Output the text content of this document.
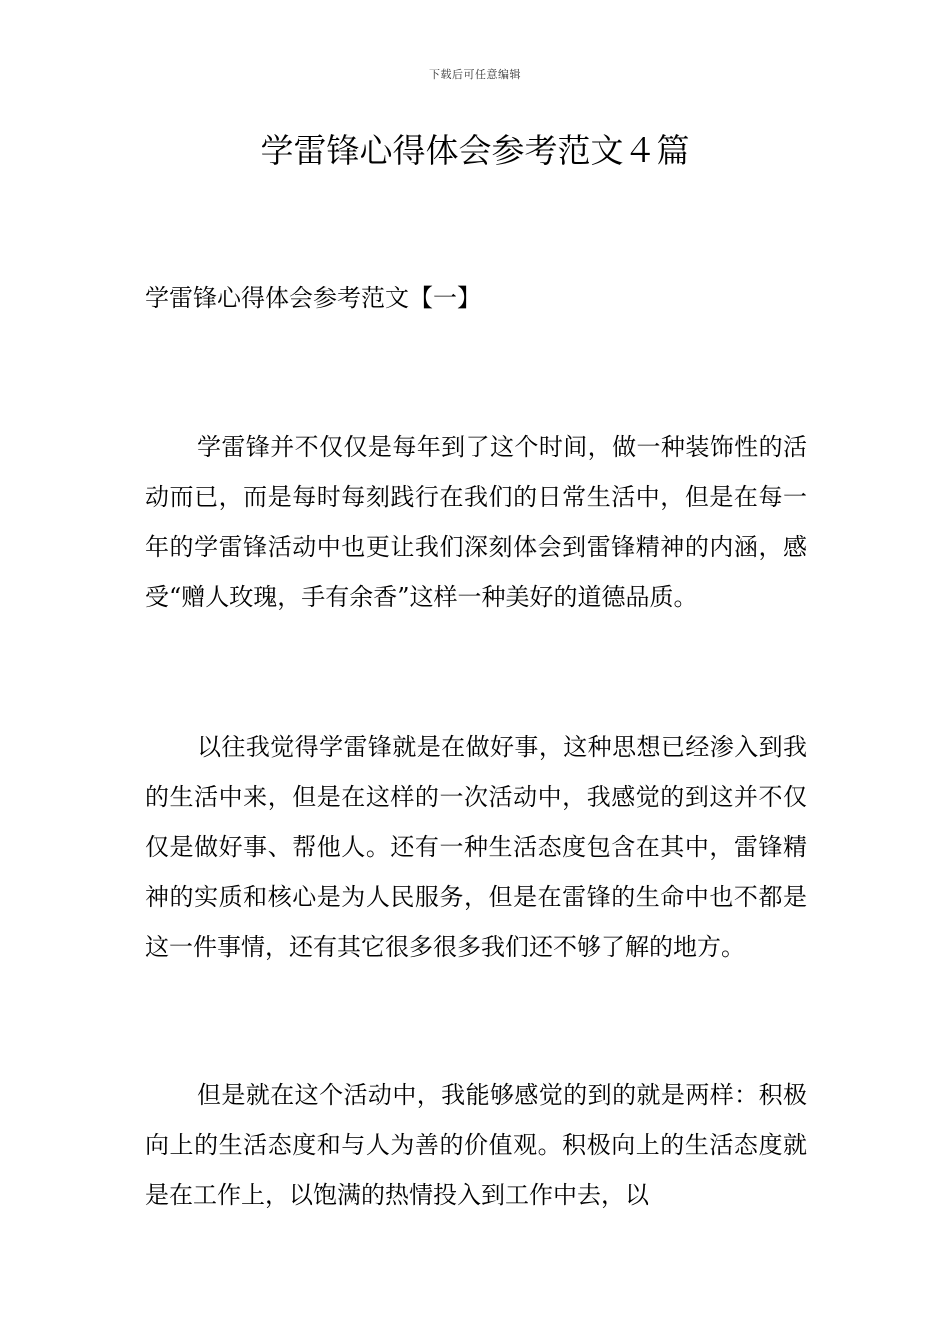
下载后可任意编辑
学雷锋心得体会参考范文４篇
学雷锋心得体会参考范文【一】

学雷锋并不仅仅是每年到了这个时间，做一种装饰性的活动而已，而是每时每刻践行在我们的日常生活中，但是在每一年的学雷锋活动中也更让我们深刻体会到雷锋精神的内涵，感受“赠人玫瑰，手有余香”这样一种美好的道德品质。

以往我觉得学雷锋就是在做好事，这种思想已经渗入到我的生活中来，但是在这样的一次活动中，我感觉的到这并不仅仅是做好事、帮他人。还有一种生活态度包含在其中，雷锋精神的实质和核心是为人民服务，但是在雷锋的生命中也不都是这一件事情，还有其它很多很多我们还不够了解的地方。

但是就在这个活动中，我能够感觉的到的就是两样：积极向上的生活态度和与人为善的价值观。积极向上的生活态度就是在工作上，以饱满的热情投入到工作中去，以
